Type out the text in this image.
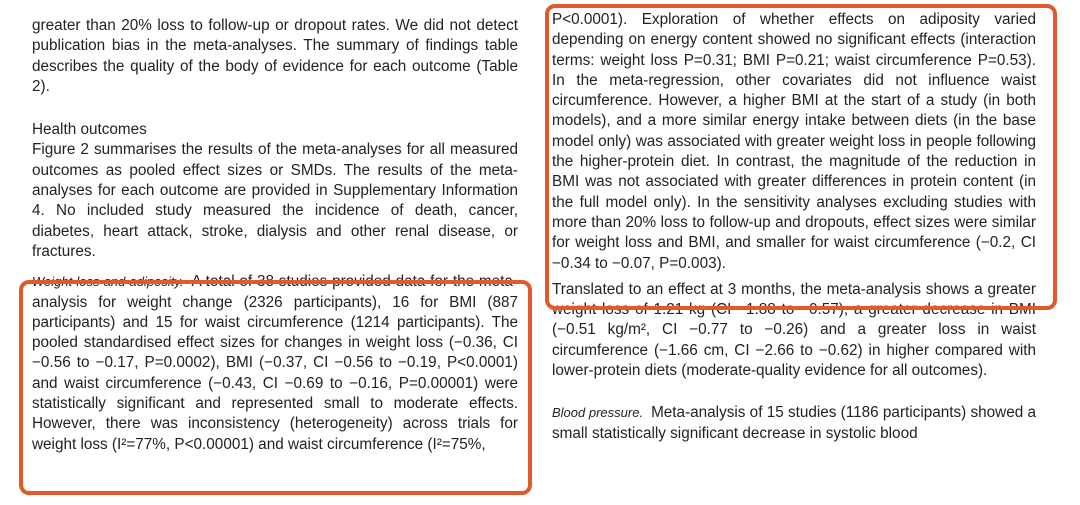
greater than 20% loss to follow-up or dropout rates. We did not detect publication bias in the meta-analyses. The summary of findings table describes the quality of the body of evidence for each outcome (Table 2).

Health outcomes

Figure 2 summarises the results of the meta-analyses for all measured outcomes as pooled effect sizes or SMDs. The results of the meta-analyses for each outcome are provided in Supplementary Information 4. No included study measured the incidence of death, cancer, diabetes, heart attack, stroke, dialysis and other renal disease, or fractures.

Weight loss and adiposity. A total of 38 studies provided data for the meta-analysis for weight change (2326 participants), 16 for BMI (887 participants) and 15 for waist circumference (1214 participants). The pooled standardised effect sizes for changes in weight loss (−0.36, CI −0.56 to −0.17, P=0.0002), BMI (−0.37, CI −0.56 to −0.19, P<0.0001) and waist circumference (−0.43, CI −0.69 to −0.16, P=0.00001) were statistically significant and represented small to moderate effects. However, there was inconsistency (heterogeneity) across trials for weight loss (I²=77%, P<0.00001) and waist circumference (I²=75%,

P<0.0001). Exploration of whether effects on adiposity varied depending on energy content showed no significant effects (interaction terms: weight loss P=0.31; BMI P=0.21; waist circumference P=0.53). In the meta-regression, other covariates did not influence waist circumference. However, a higher BMI at the start of a study (in both models), and a more similar energy intake between diets (in the base model only) was associated with greater weight loss in people following the higher-protein diet. In contrast, the magnitude of the reduction in BMI was not associated with greater differences in protein content (in the full model only). In the sensitivity analyses excluding studies with more than 20% loss to follow-up and dropouts, effect sizes were similar for weight loss and BMI, and smaller for waist circumference (−0.2, CI −0.34 to −0.07, P=0.003).

Translated to an effect at 3 months, the meta-analysis shows a greater weight loss of 1.21 kg (CI −1.88 to −0.57), a greater decrease in BMI (−0.51 kg/m², CI −0.77 to −0.26) and a greater loss in waist circumference (−1.66 cm, CI −2.66 to −0.62) in higher compared with lower-protein diets (moderate-quality evidence for all outcomes).

Blood pressure. Meta-analysis of 15 studies (1186 participants) showed a small statistically significant decrease in systolic blood
